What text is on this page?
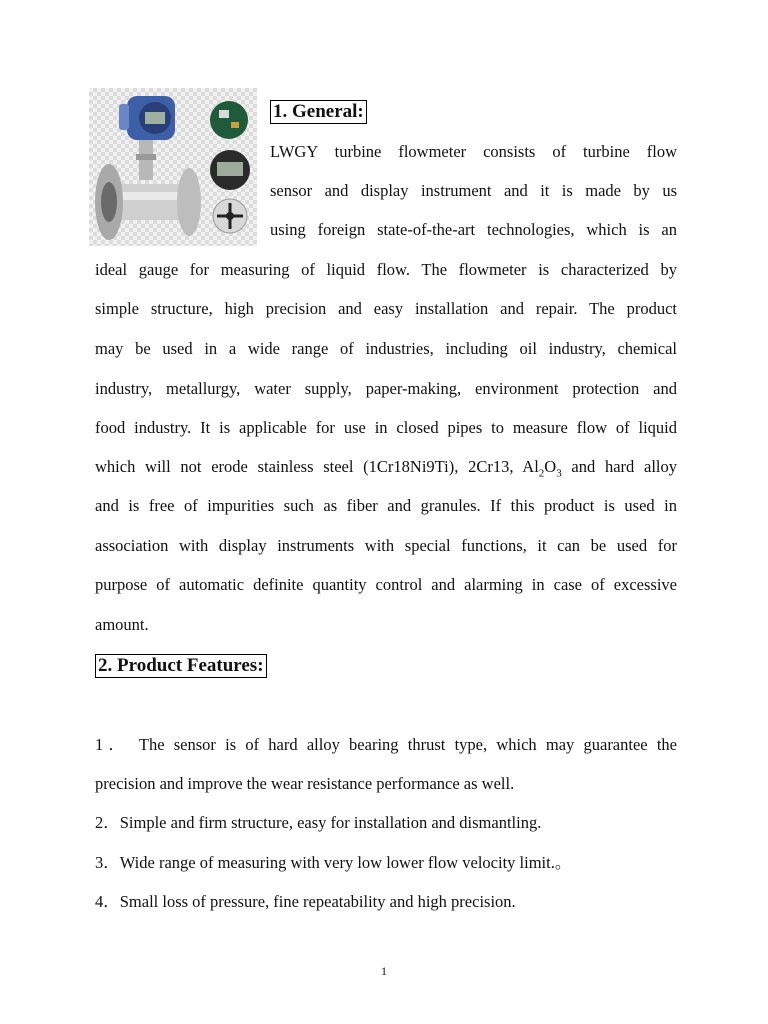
1. General:
LWGY turbine flowmeter consists of turbine flow
sensor and display instrument and it is made by us
using foreign state-of-the-art technologies, which is an
ideal gauge for measuring of liquid flow. The flowmeter is characterized by
simple structure, high precision and easy installation and repair. The product
may be used in a wide range of industries, including oil industry, chemical
industry, metallurgy, water supply, paper-making, environment protection and
food industry. It is applicable for use in closed pipes to measure flow of liquid
which will not erode stainless steel (1Cr18Ni9Ti), 2Cr13, $Al_2O_3$ and hard alloy
and is free of impurities such as fiber and granules. If this product is used in
association with display instruments with special functions, it can be used for
purpose of automatic definite quantity control and alarming in case of excessive
amount.
2. Product Features:
1． The sensor is of hard alloy bearing thrust type, which may guarantee the
precision and improve the wear resistance performance as well.
2．Simple and firm structure, easy for installation and dismantling.
3．Wide range of measuring with very low lower flow velocity limit.。
4．Small loss of pressure, fine repeatability and high precision.
1
